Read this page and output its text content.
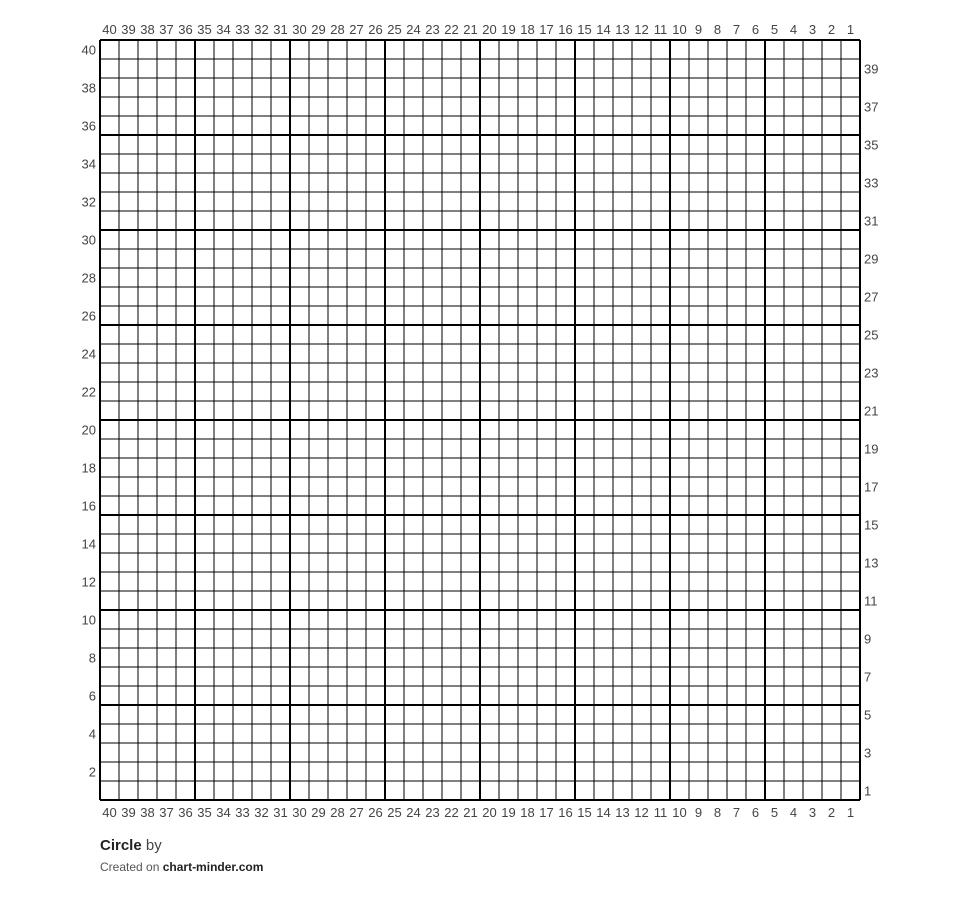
40 39 38 37 36 35 34 33 32 31 30 29 28 27 26 25 24 23 22 21 20 19 18 17 16 15 14 13 12 11 10 9 8 7 6 5 4 3 2 1
40 39 38 37 36 35 34 33 32 31 30 29 28 27 26 25 24 23 22 21 20 19 18 17 16 15 14 13 12 11 10 9 8 7 6 5 4 3 2 1
40
38
36
34
32
30
28
26
24
22
20
18
16
14
12
10
8
6
4
2
39
37
35
33
31
29
27
25
23
21
19
17
15
13
11
9
7
5
3
1
Circle by
Created on chart-minder.com
